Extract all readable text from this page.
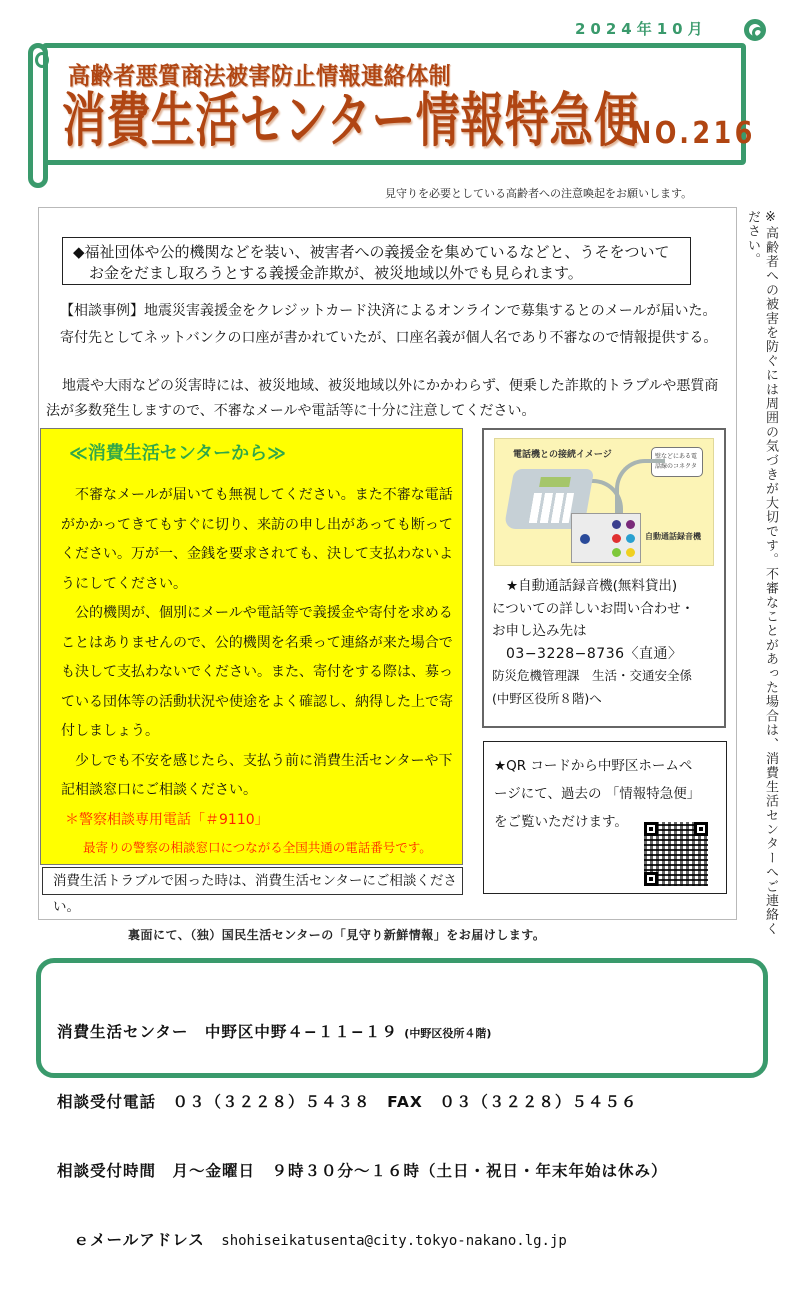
2024年10月
高齢者悪質商法被害防止情報連絡体制
消費生活センター情報特急便
NO.216
見守りを必要としている高齢者への注意喚起をお願いします。
◆福祉団体や公的機関などを装い、被害者への義援金を集めているなどと、うそをついて
お金をだまし取ろうとする義援金詐欺が、被災地域以外でも見られます。
【相談事例】地震災害義援金をクレジットカード決済によるオンラインで募集するとのメールが届いた。
寄付先としてネットバンクの口座が書かれていたが、口座名義が個人名であり不審なので情報提供する。
地震や大雨などの災害時には、被災地域、被災地域以外にかかわらず、便乗した詐欺的トラブルや悪質商
法が多数発生しますので、不審なメールや電話等に十分に注意してください。
≪消費生活センターから≫

不審なメールが届いても無視してください。また不審な電話がかかってきてもすぐに切り、来訪の申し出があっても断ってください。万が一、金銭を要求されても、決して支払わないようにしてください。

公的機関が、個別にメールや電話等で義援金や寄付を求めることはありませんので、公的機関を名乗って連絡が来た場合でも決して支払わないでください。また、寄付をする際は、募っている団体等の活動状況や使途をよく確認し、納得した上で寄付しましょう。

少しでも不安を感じたら、支払う前に消費生活センターや下記相談窓口にご相談ください。

＊警察相談専用電話「＃9110」

最寄りの警察の相談窓口につながる全国共通の電話番号です。

消費生活トラブルで困った時は、消費生活センターにご相談ください。
電話機との接続イメージ	壁などにある電話線のコネクタ
自動通話録音機
★自動通話録音機(無料貸出)
についての詳しいお問い合わせ・
お申し込み先は
03−3228−8736〈直通〉
防災危機管理課　生活・交通安全係
(中野区役所８階)へ
★QR コードから中野区ホームペ
ージにて、過去の 「情報特急便」
をご覧いただけます。	※高齢者への被害を防ぐには周囲の気づきが大切です。不審なことがあった場合は、消費生活センターへご連絡ください。
裏面にて、（独）国民生活センターの「見守り新鮮情報」をお届けします。

消費生活センター　 中野区中野４−１１−１９ (中野区役所４階)

相談受付電話　 ０３（３２２８）５４３８　 FAX　 ０３（３２２８）５４５６

相談受付時間　 月～金曜日　９時３０分～１６時（土日・祝日・年末年始は休み）

　ｅメールアドレス　 shohiseikatusenta@city.tokyo-nakano.lg.jp
